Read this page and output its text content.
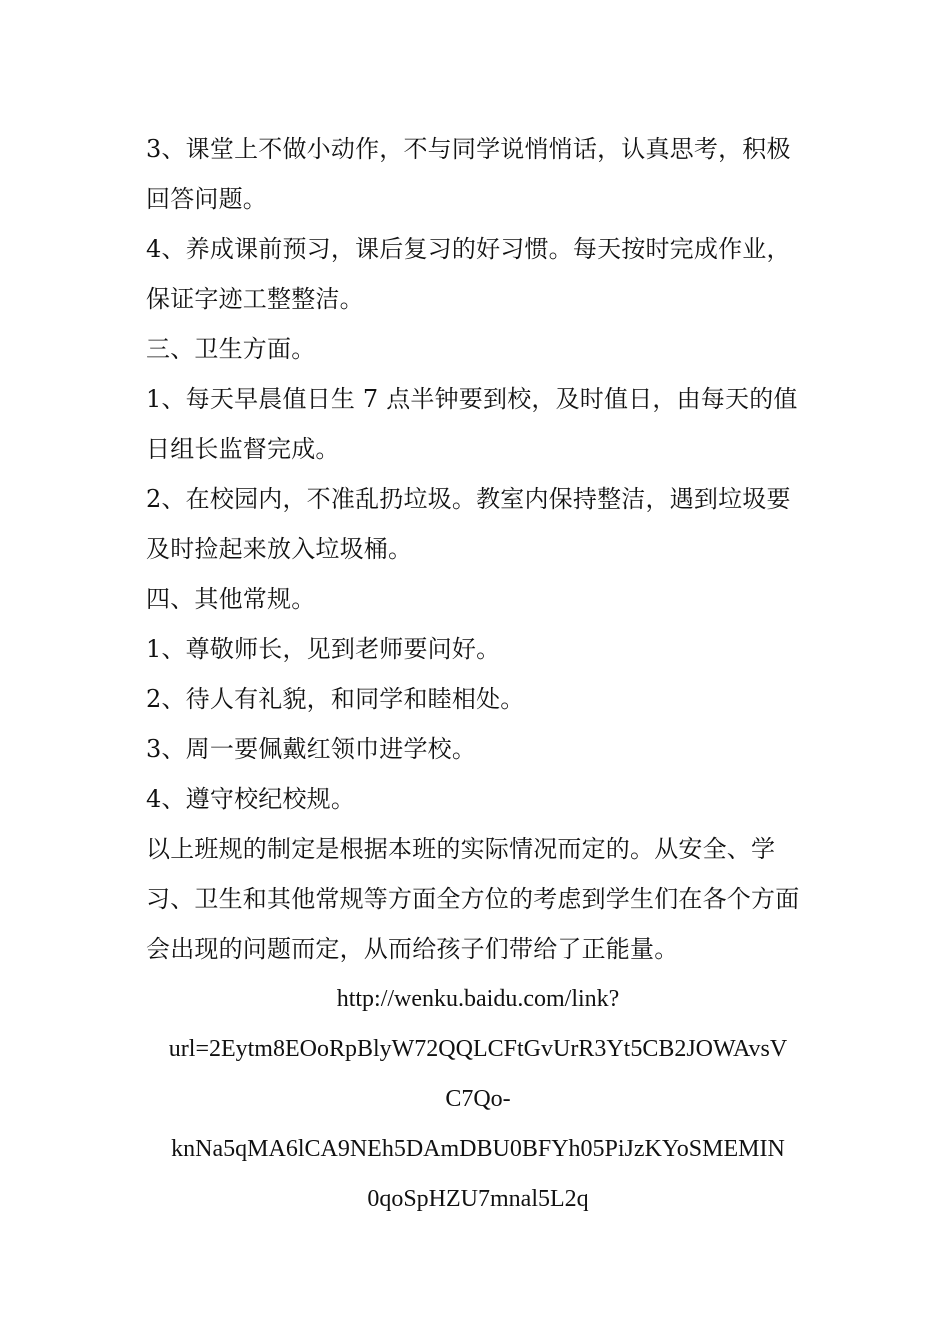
3、课堂上不做小动作，不与同学说悄悄话，认真思考，积极回答问题。

4、养成课前预习，课后复习的好习惯。每天按时完成作业，保证字迹工整整洁。

三、卫生方面。

1、每天早晨值日生 7 点半钟要到校，及时值日，由每天的值日组长监督完成。

2、在校园内，不准乱扔垃圾。教室内保持整洁，遇到垃圾要及时捡起来放入垃圾桶。

四、其他常规。

1、尊敬师长，见到老师要问好。

2、待人有礼貌，和同学和睦相处。

3、周一要佩戴红领巾进学校。

4、遵守校纪校规。

以上班规的制定是根据本班的实际情况而定的。从安全、学习、卫生和其他常规等方面全方位的考虑到学生们在各个方面会出现的问题而定，从而给孩子们带给了正能量。

http://wenku.baidu.com/link?
url=2Eytm8EOoRpBlyW72QQLCFtGvUrR3Yt5CB2JOWAvsV
C7Qo-
knNa5qMA6lCA9NEh5DAmDBU0BFYh05PiJzKYoSMEMIN
0qoSpHZU7mnal5L2q
